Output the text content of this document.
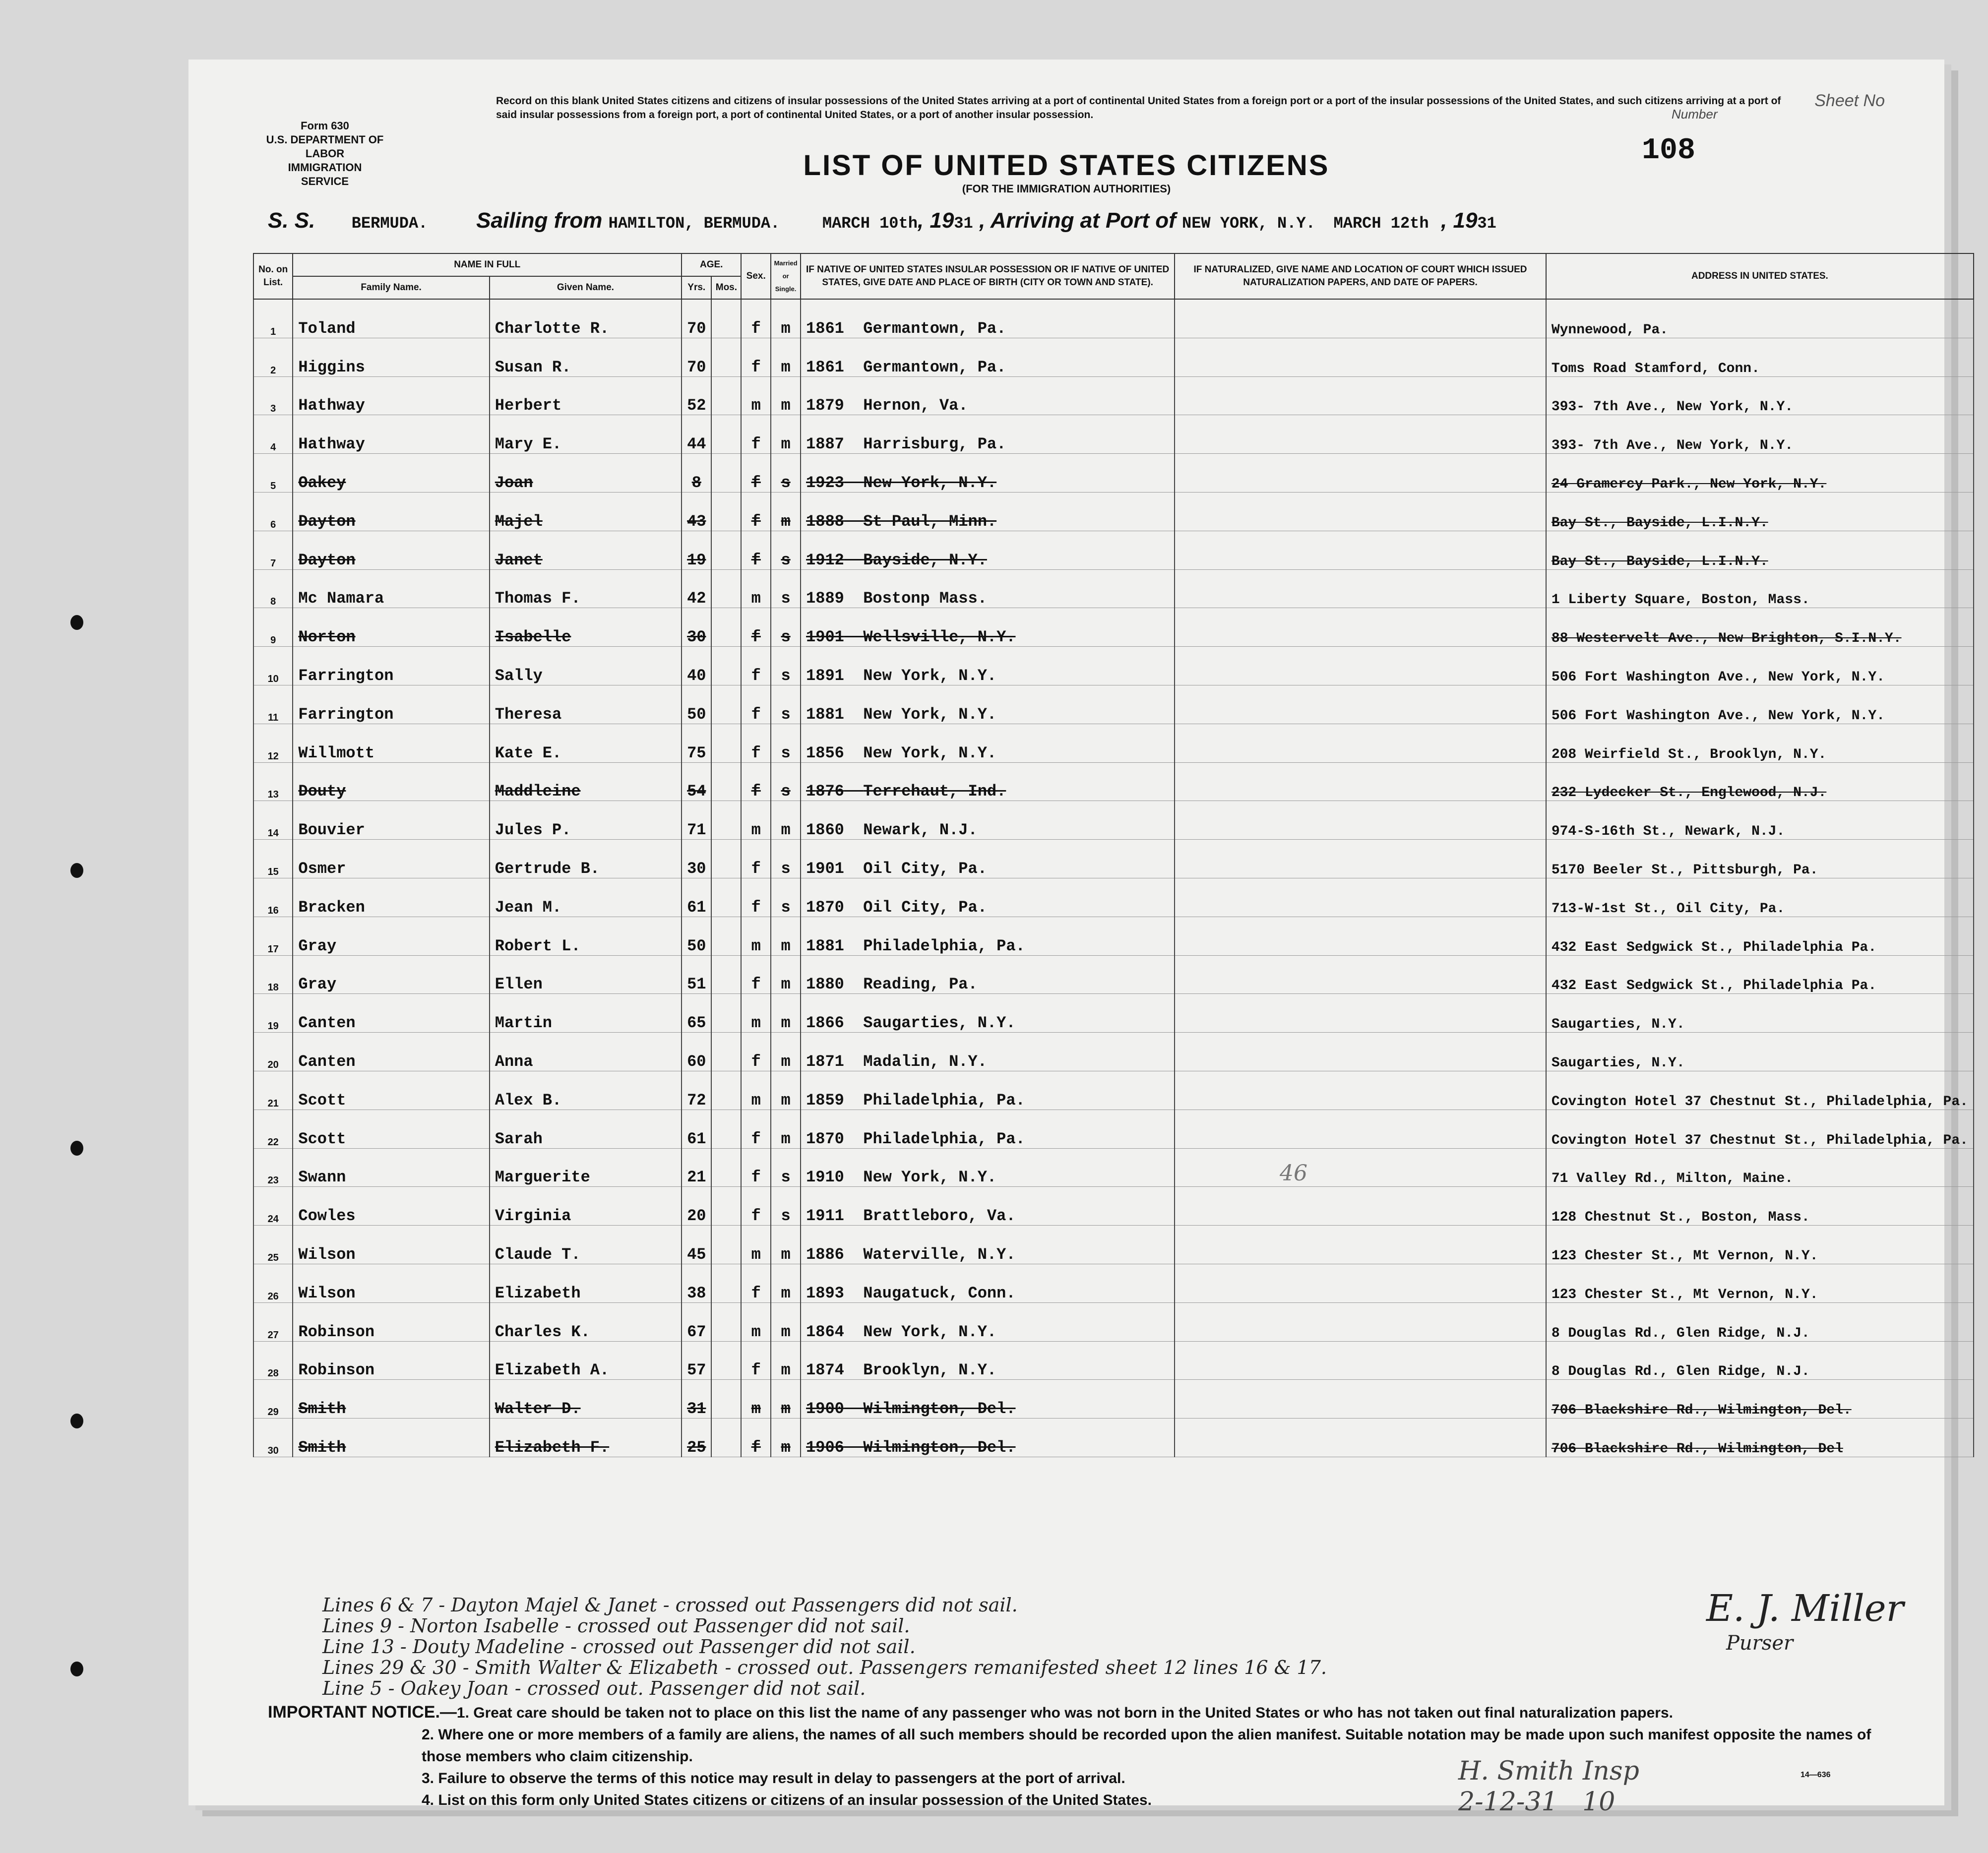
Sheet No
Form 630
U.S. DEPARTMENT OF LABOR
IMMIGRATION SERVICE
Record on this blank United States citizens and citizens of insular possessions of the United States arriving at a port of continental United States from a foreign port or a port of the insular possessions of the United States, and such citizens arriving at a port of said insular possessions from a foreign port, a port of continental United States, or a port of another insular possession.	Number
108
LIST OF UNITED STATES CITIZENS
(FOR THE IMMIGRATION AUTHORITIES)
S. S. BERMUDA. Sailing from HAMILTON, BERMUDA.	MARCH 10th, 1931 , Arriving at Port of NEW YORK, N.Y. MARCH 12th , 1931
No. on List.	NAME IN FULL		AGE.		Sex.	Married or Single.	IF NATIVE OF UNITED STATES INSULAR POSSESSION OR IF NATIVE OF UNITED STATES, GIVE DATE AND PLACE OF BIRTH (CITY OR TOWN AND STATE).	IF NATURALIZED, GIVE NAME AND LOCATION OF COURT WHICH ISSUED NATURALIZATION PAPERS, AND DATE OF PAPERS.	ADDRESS IN UNITED STATES.
	Family Name.	Given Name.	Yrs.	Mos.					
1	Toland	Charlotte R.	70		f	m	1861 Germantown, Pa.		Wynnewood, Pa.
2	Higgins	Susan R.	70		f	m	1861 Germantown, Pa.		Toms Road Stamford, Conn.
3	Hathway	Herbert	52		m	m	1879 Hernon, Va.		393- 7th Ave., New York, N.Y.
4	Hathway	Mary E.	44		f	m	1887 Harrisburg, Pa.		393- 7th Ave., New York, N.Y.
5	Oakey	Joan	8		f	s	1923 New York, N.Y.		24 Gramercy Park., New York, N.Y.
6	Dayton	Majel	43		f	m	1888 St Paul, Minn.		Bay St., Bayside, L.I.N.Y.
7	Dayton	Janet	19		f	s	1912 Bayside, N.Y.		Bay St., Bayside, L.I.N.Y.
8	Mc Namara	Thomas F.	42		m	s	1889 Bostonp Mass.		1 Liberty Square, Boston, Mass.
9	Norton	Isabelle	30		f	s	1901 Wellsville, N.Y.		88 Westervelt Ave., New Brighton, S.I.N.Y.
10	Farrington	Sally	40		f	s	1891 New York, N.Y.		506 Fort Washington Ave., New York, N.Y.
11	Farrington	Theresa	50		f	s	1881 New York, N.Y.		506 Fort Washington Ave., New York, N.Y.
12	Willmott	Kate E.	75		f	s	1856 New York, N.Y.		208 Weirfield St., Brooklyn, N.Y.
13	Douty	Maddleine	54		f	s	1876 Terrehaut, Ind.		232 Lydecker St., Englewood, N.J.
14	Bouvier	Jules P.	71		m	m	1860 Newark, N.J.		974-S-16th St., Newark, N.J.
15	Osmer	Gertrude B.	30		f	s	1901 Oil City, Pa.		5170 Beeler St., Pittsburgh, Pa.
16	Bracken	Jean M.	61		f	s	1870 Oil City, Pa.		713-W-1st St., Oil City, Pa.
17	Gray	Robert L.	50		m	m	1881 Philadelphia, Pa.		432 East Sedgwick St., Philadelphia Pa.
18	Gray	Ellen	51		f	m	1880 Reading, Pa.		432 East Sedgwick St., Philadelphia Pa.
19	Canten	Martin	65		m	m	1866 Saugarties, N.Y.		Saugarties, N.Y.
20	Canten	Anna	60		f	m	1871 Madalin, N.Y.		Saugarties, N.Y.
21	Scott	Alex B.	72		m	m	1859 Philadelphia, Pa.		Covington Hotel 37 Chestnut St., Philadelphia, Pa.
22	Scott	Sarah	61		f	m	1870 Philadelphia, Pa.		Covington Hotel 37 Chestnut St., Philadelphia, Pa.
23	Swann	Marguerite	21		f	s	1910 New York, N.Y.		71 Valley Rd., Milton, Maine.
24	Cowles	Virginia	20		f	s	1911 Brattleboro, Va.		128 Chestnut St., Boston, Mass.
25	Wilson	Claude T.	45		m	m	1886 Waterville, N.Y.		123 Chester St., Mt Vernon, N.Y.
26	Wilson	Elizabeth	38		f	m	1893 Naugatuck, Conn.		123 Chester St., Mt Vernon, N.Y.
27	Robinson	Charles K.	67		m	m	1864 New York, N.Y.		8 Douglas Rd., Glen Ridge, N.J.
28	Robinson	Elizabeth A.	57		f	m	1874 Brooklyn, N.Y.		8 Douglas Rd., Glen Ridge, N.J.
29	Smith	Walter D.	31		m	m	1900 Wilmington, Del.		706 Blackshire Rd., Wilmington, Del.
30	Smith	Elizabeth F.	25		f	m	1906 Wilmington, Del.		706 Blackshire Rd., Wilmington, Del
Lines 6 & 7 - Dayton Majel & Janet - crossed out Passengers did not sail.
Lines 9 - Norton Isabelle - crossed out Passenger did not sail.
Line 13 - Douty Madeline - crossed out Passenger did not sail.
Lines 29 & 30 - Smith Walter & Elizabeth - crossed out. Passengers remanifested sheet 12 lines 16 & 17.
Line 5 - Oakey Joan - crossed out. Passenger did not sail.
46
E. J. Miller
Purser
IMPORTANT NOTICE.—1. Great care should be taken not to place on this list the name of any passenger who was not born in the United States or who has not taken out final naturalization papers.
2. Where one or more members of a family are aliens, the names of all such members should be recorded upon the alien manifest. Suitable notation may be made upon such manifest opposite the names of those members who claim citizenship.
3. Failure to observe the terms of this notice may result in delay to passengers at the port of arrival.
4. List on this form only United States citizens or citizens of an insular possession of the United States.
H. Smith Insp
2-12-31 10
14—636
